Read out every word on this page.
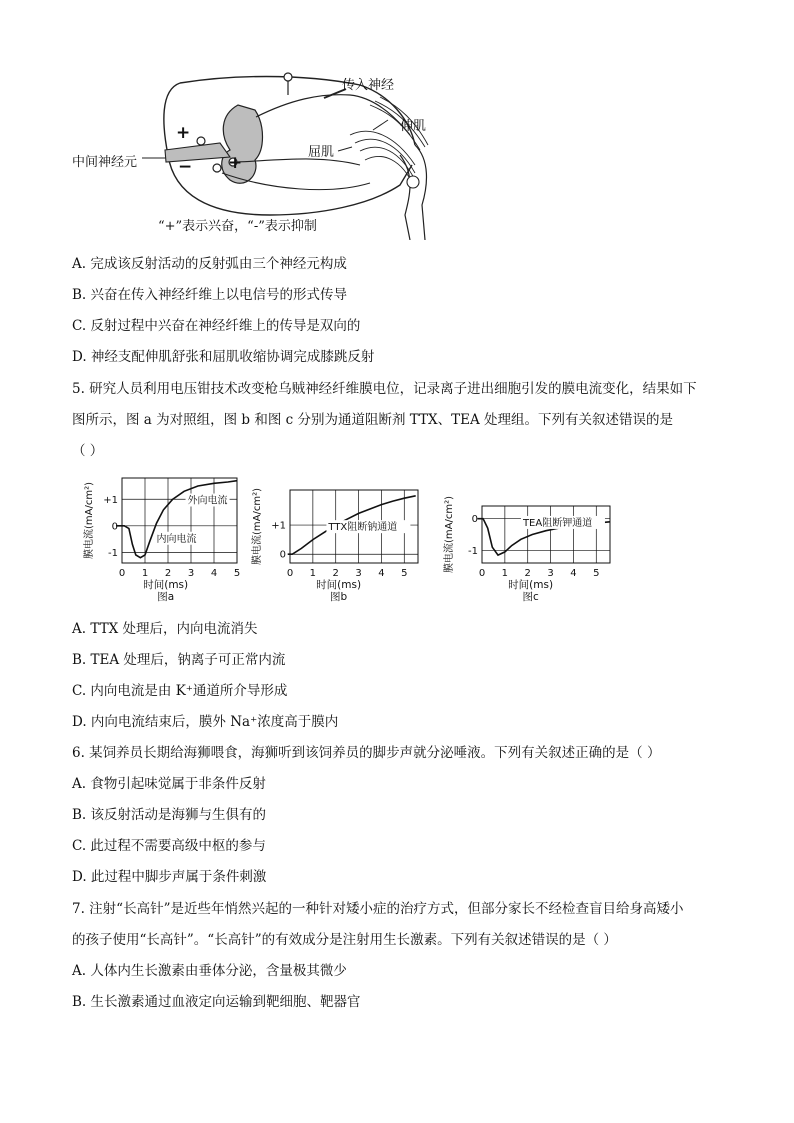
传入神经
伸肌
屈肌
中间神经元
+
− +
“+”表示兴奋，“-”表示抑制
A. 完成该反射活动的反射弧由三个神经元构成
B. 兴奋在传入神经纤维上以电信号的形式传导
C. 反射过程中兴奋在神经纤维上的传导是双向的
D. 神经支配伸肌舒张和屈肌收缩协调完成膝跳反射
5. 研究人员利用电压钳技术改变枪乌贼神经纤维膜电位，记录离子进出细胞引发的膜电流变化，结果如下
图所示，图 a 为对照组，图 b 和图 c 分别为通道阻断剂 TTX、TEA 处理组。下列有关叙述错误的是
（ ）
0 1 2 3 4 5
+1
0
-1
膜电流(mA/cm²)
时间(ms)
图a
外向电流
内向电流
0 1 2 3 4 5
+1
0
膜电流(mA/cm²)
时间(ms)
图b
TTX阻断钠通道
0 1 2 3 4 5
0
-1
膜电流(mA/cm²)
时间(ms)
图c
TEA阻断钾通道
A. TTX 处理后，内向电流消失
B. TEA 处理后，钠离子可正常内流
C. 内向电流是由 K⁺通道所介导形成
D. 内向电流结束后，膜外 Na⁺浓度高于膜内
6. 某饲养员长期给海狮喂食，海狮听到该饲养员的脚步声就分泌唾液。下列有关叙述正确的是（ ）
A. 食物引起味觉属于非条件反射
B. 该反射活动是海狮与生俱有的
C. 此过程不需要高级中枢的参与
D. 此过程中脚步声属于条件刺激
7. 注射“长高针”是近些年悄然兴起的一种针对矮小症的治疗方式，但部分家长不经检查盲目给身高矮小
的孩子使用“长高针”。“长高针”的有效成分是注射用生长激素。下列有关叙述错误的是（ ）
A. 人体内生长激素由垂体分泌，含量极其微少
B. 生长激素通过血液定向运输到靶细胞、靶器官
